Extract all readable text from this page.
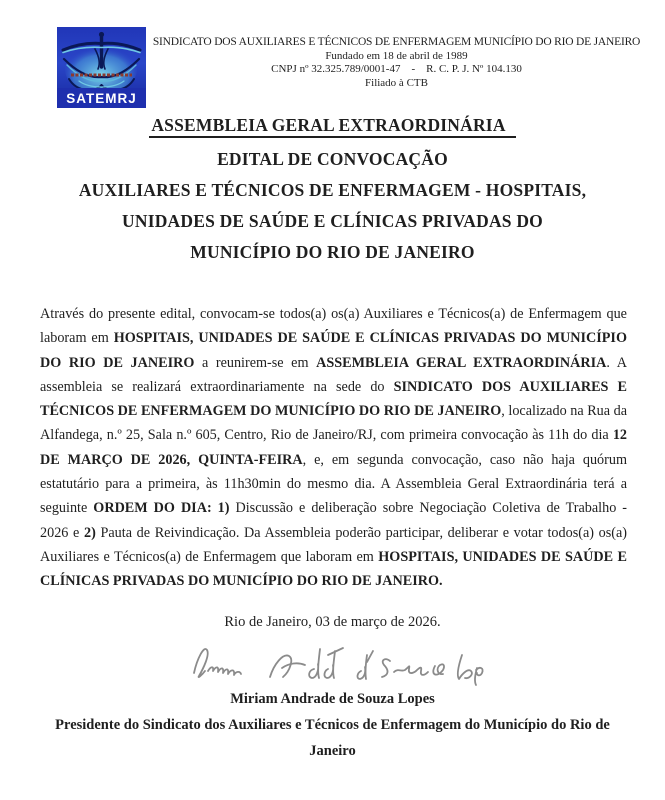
SATEMRJ
SINDICATO DOS AUXILIARES E TÉCNICOS DE ENFERMAGEM MUNICÍPIO DO RIO DE JANEIRO
Fundado em 18 de abril de 1989
CNPJ nº 32.325.789/0001-47    -    R. C. P. J. Nº 104.130
Filiado à CTB
ASSEMBLEIA GERAL EXTRAORDINÁRIA
EDITAL DE CONVOCAÇÃO
AUXILIARES E TÉCNICOS DE ENFERMAGEM - HOSPITAIS,
UNIDADES DE SAÚDE E CLÍNICAS PRIVADAS DO
MUNICÍPIO DO RIO DE JANEIRO

Através do presente edital, convocam-se todos(a) os(a) Auxiliares e Técnicos(a) de Enfermagem que laboram em HOSPITAIS, UNIDADES DE SAÚDE E CLÍNICAS PRIVADAS DO MUNICÍPIO DO RIO DE JANEIRO a reunirem-se em ASSEMBLEIA GERAL EXTRAORDINÁRIA. A assembleia se realizará extraordinariamente na sede do SINDICATO DOS AUXILIARES E TÉCNICOS DE ENFERMAGEM DO MUNICÍPIO DO RIO DE JANEIRO, localizado na Rua da Alfandega, n.º 25, Sala n.º 605, Centro, Rio de Janeiro/RJ, com primeira convocação às 11h do dia 12 DE MARÇO DE 2026, QUINTA-FEIRA, e, em segunda convocação, caso não haja quórum estatutário para a primeira, às 11h30min do mesmo dia. A Assembleia Geral Extraordinária terá a seguinte ORDEM DO DIA: 1) Discussão e deliberação sobre Negociação Coletiva de Trabalho - 2026 e 2) Pauta de Reivindicação. Da Assembleia poderão participar, deliberar e votar todos(a) os(a) Auxiliares e Técnicos(a) de Enfermagem que laboram em HOSPITAIS, UNIDADES DE SAÚDE E CLÍNICAS PRIVADAS DO MUNICÍPIO DO RIO DE JANEIRO.

Rio de Janeiro, 03 de março de 2026.
Miriam Andrade de Souza Lopes
Presidente do Sindicato dos Auxiliares e Técnicos de Enfermagem do Município do Rio de Janeiro
